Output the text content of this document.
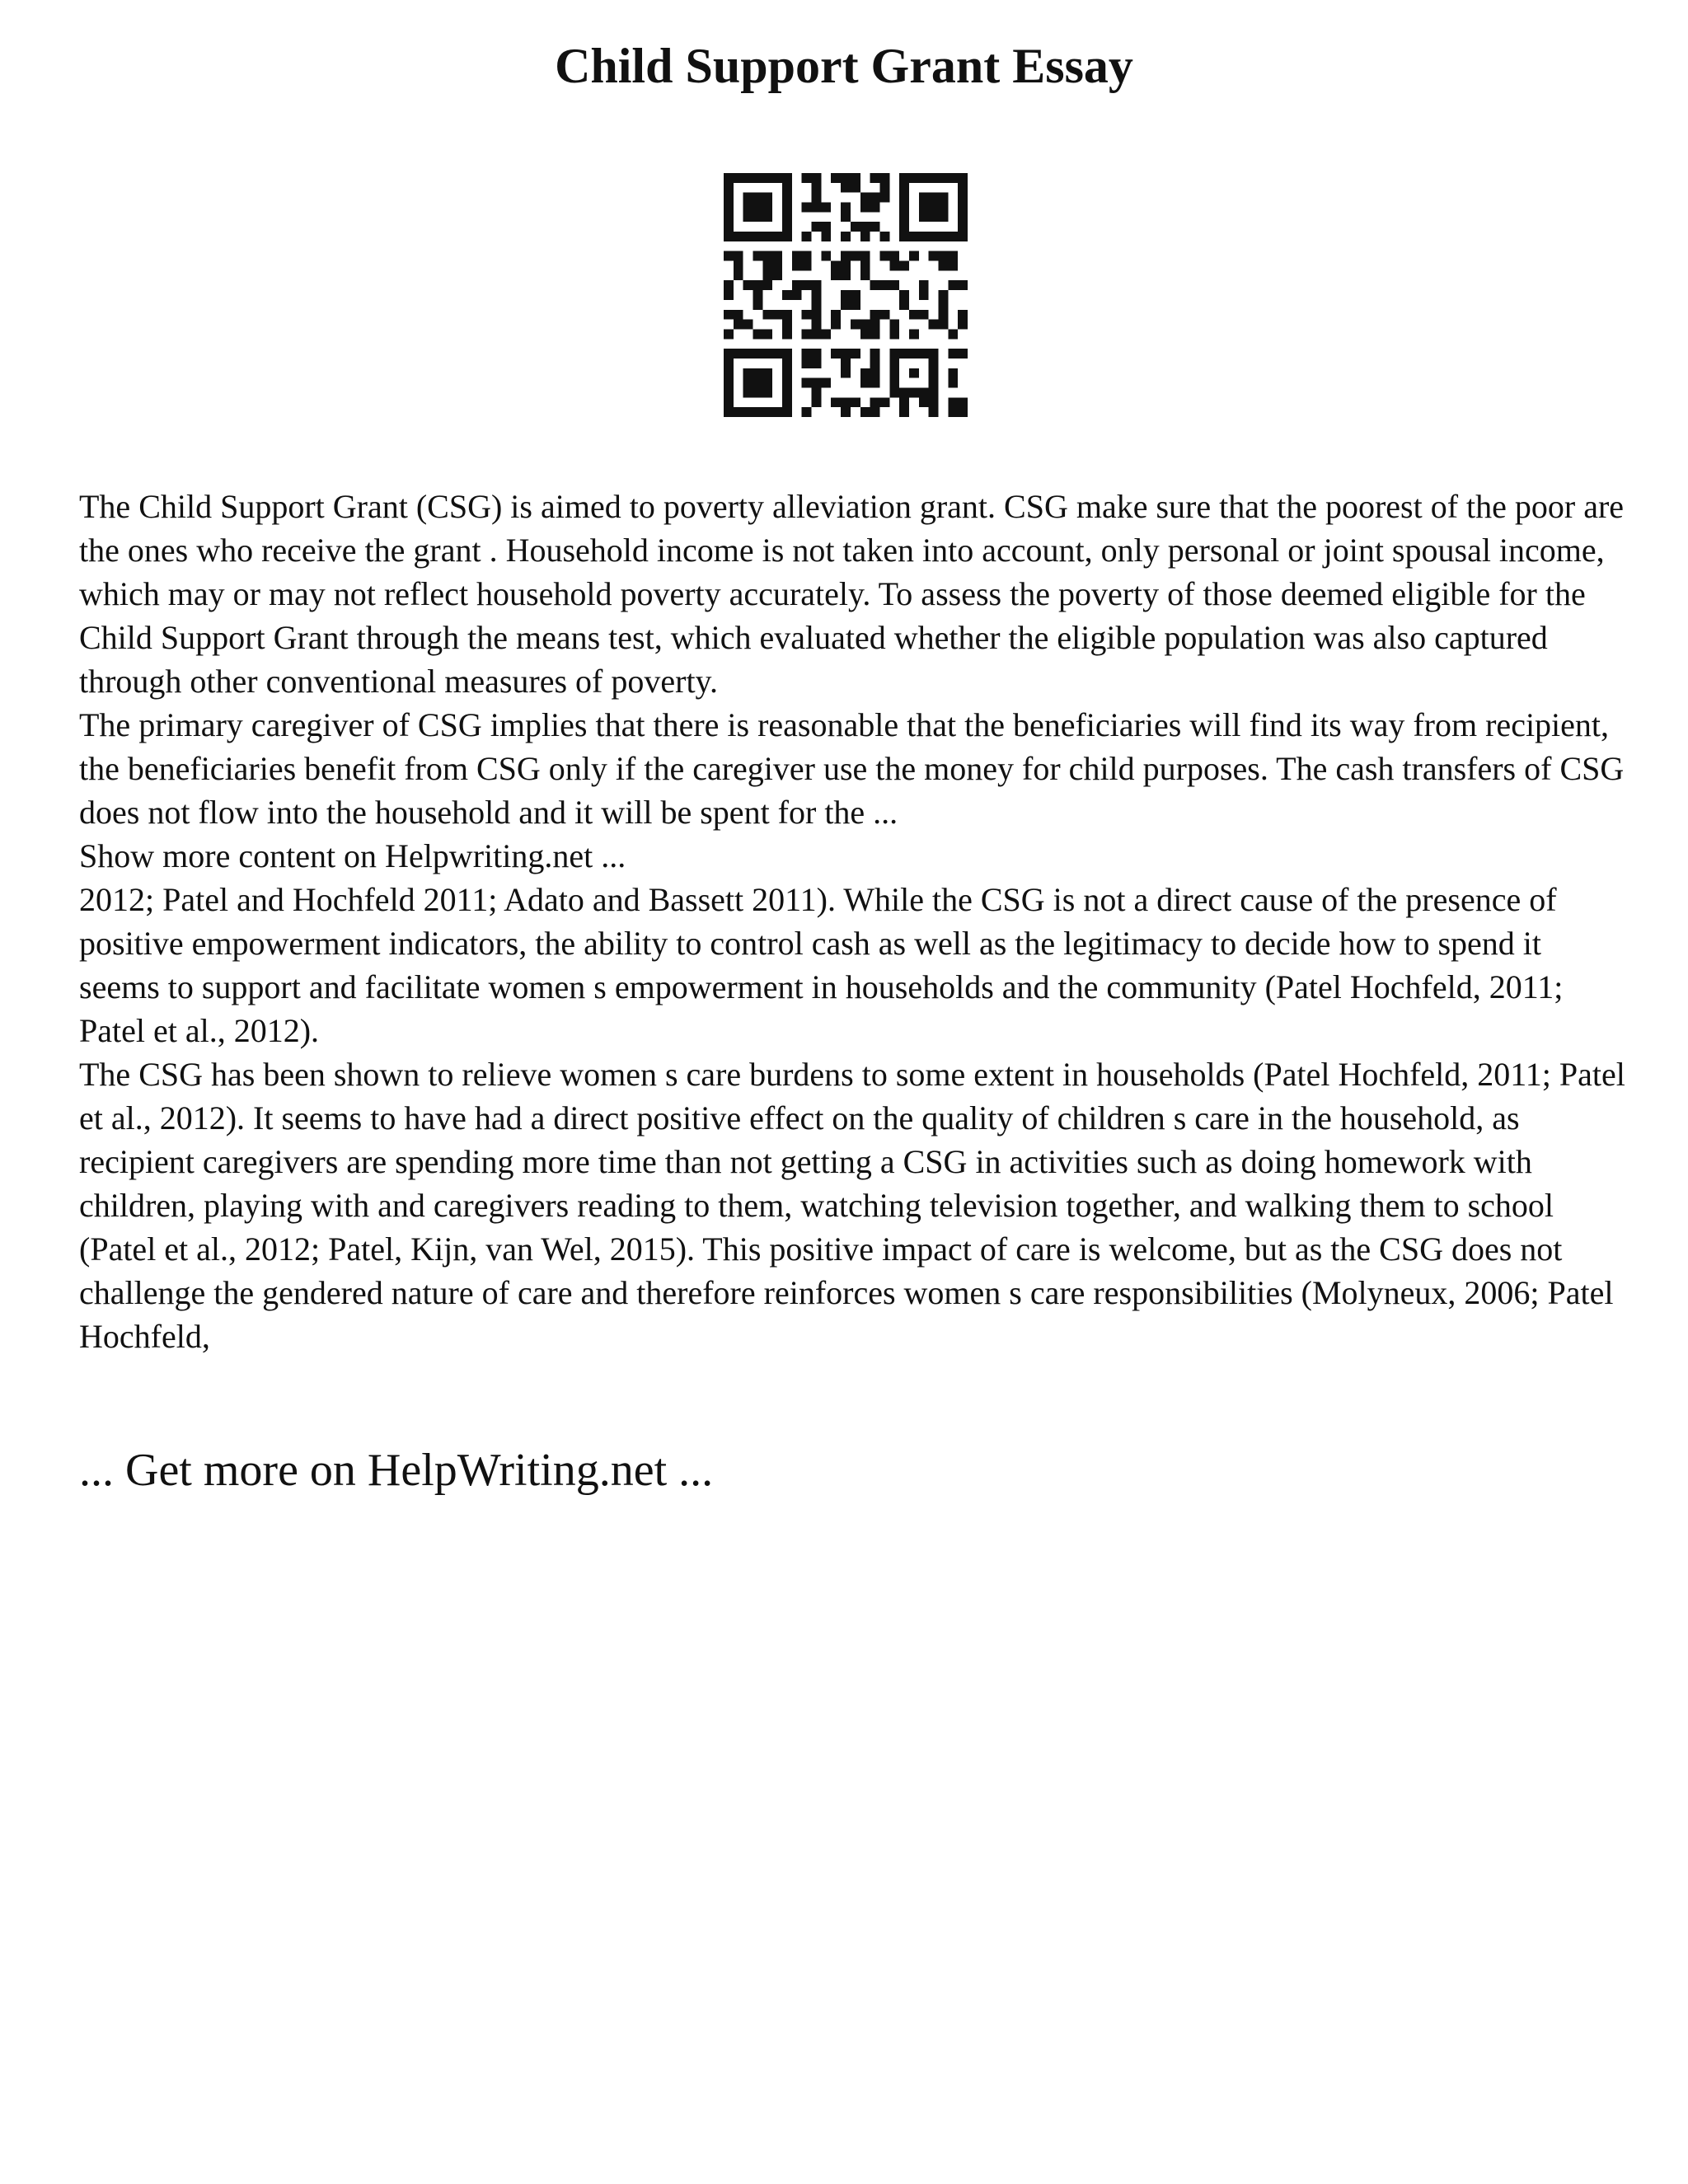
Child Support Grant Essay

The Child Support Grant (CSG) is aimed to poverty alleviation grant. CSG make sure that the poorest of the poor are the ones who receive the grant . Household income is not taken into account, only personal or joint spousal income, which may or may not reflect household poverty accurately. To assess the poverty of those deemed eligible for the Child Support Grant through the means test, which evaluated whether the eligible population was also captured through other conventional measures of poverty.

The primary caregiver of CSG implies that there is reasonable that the beneficiaries will find its way from recipient, the beneficiaries benefit from CSG only if the caregiver use the money for child purposes. The cash transfers of CSG does not flow into the household and it will be spent for the ...

Show more content on Helpwriting.net ...

2012; Patel and Hochfeld 2011; Adato and Bassett 2011). While the CSG is not a direct cause of the presence of positive empowerment indicators, the ability to control cash as well as the legitimacy to decide how to spend it seems to support and facilitate women s empowerment in households and the community (Patel Hochfeld, 2011; Patel et al., 2012).

The CSG has been shown to relieve women s care burdens to some extent in households (Patel Hochfeld, 2011; Patel et al., 2012). It seems to have had a direct positive effect on the quality of children s care in the household, as recipient caregivers are spending more time than not getting a CSG in activities such as doing homework with children, playing with and caregivers reading to them, watching television together, and walking them to school (Patel et al., 2012; Patel, Kijn, van Wel, 2015). This positive impact of care is welcome, but as the CSG does not challenge the gendered nature of care and therefore reinforces women s care responsibilities (Molyneux, 2006; Patel Hochfeld,

... Get more on HelpWriting.net ...
